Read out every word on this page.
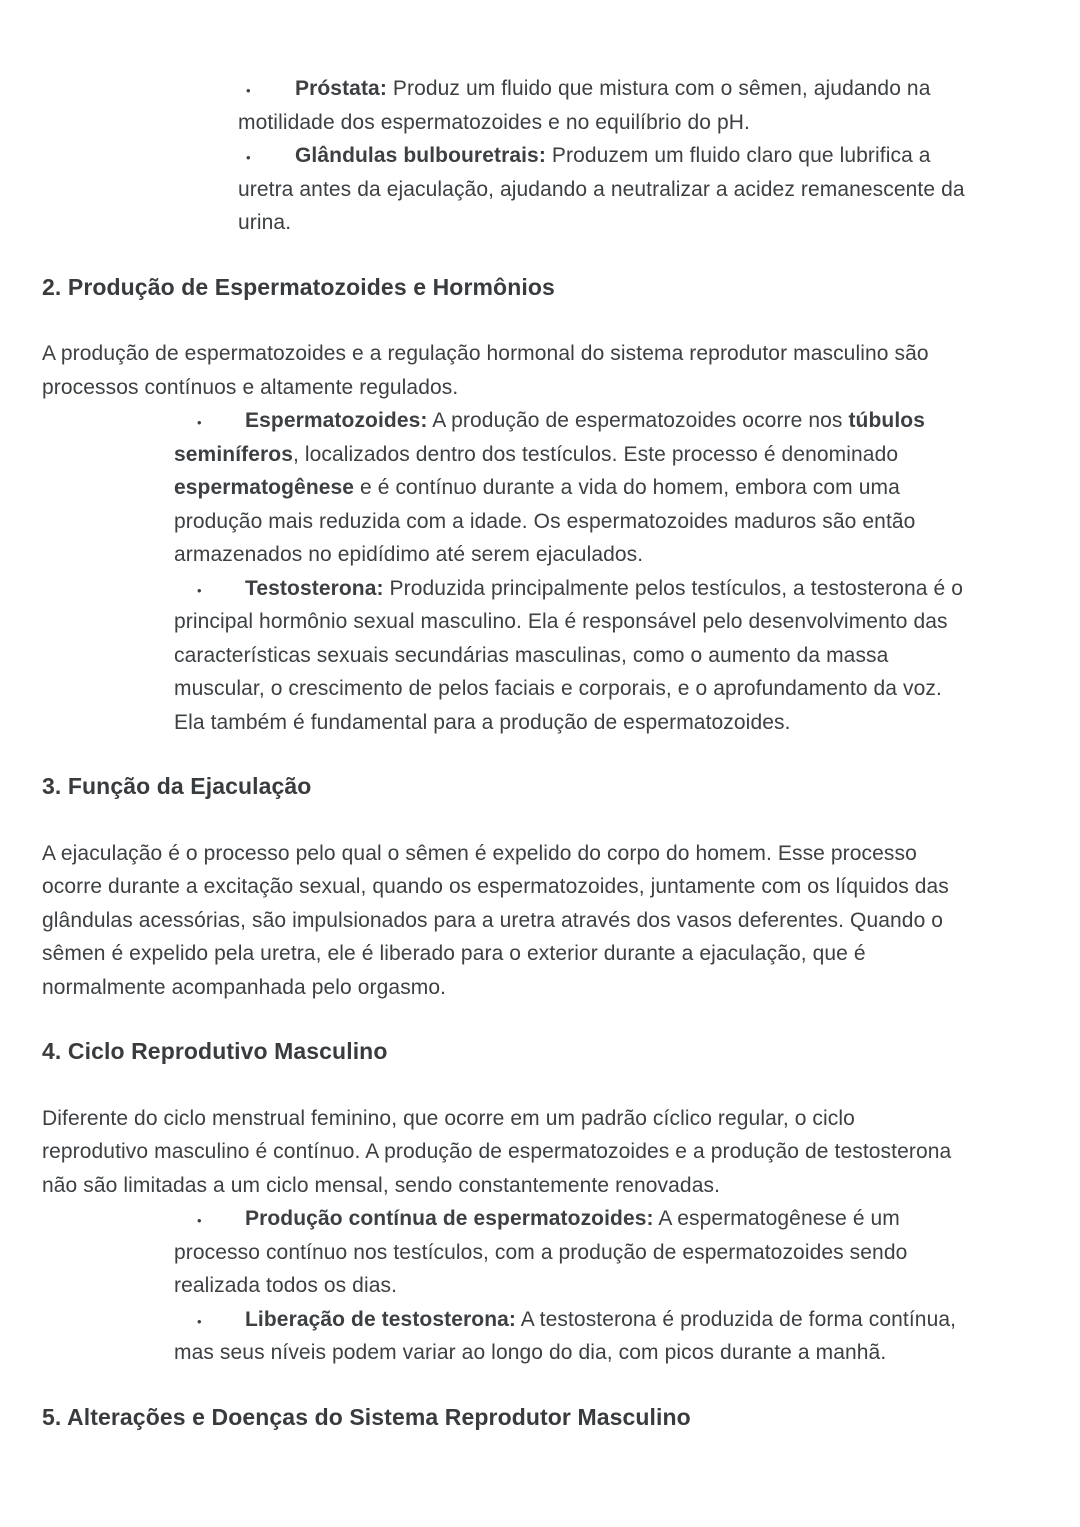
• Próstata: Produz um fluido que mistura com o sêmen, ajudando na
motilidade dos espermatozoides e no equilíbrio do pH.
• Glândulas bulbouretrais: Produzem um fluido claro que lubrifica a
uretra antes da ejaculação, ajudando a neutralizar a acidez remanescente da
urina.
2. Produção de Espermatozoides e Hormônios
A produção de espermatozoides e a regulação hormonal do sistema reprodutor masculino são
processos contínuos e altamente regulados.
• Espermatozoides: A produção de espermatozoides ocorre nos túbulos
seminíferos, localizados dentro dos testículos. Este processo é denominado
espermatogênese e é contínuo durante a vida do homem, embora com uma
produção mais reduzida com a idade. Os espermatozoides maduros são então
armazenados no epidídimo até serem ejaculados.
• Testosterona: Produzida principalmente pelos testículos, a testosterona é o
principal hormônio sexual masculino. Ela é responsável pelo desenvolvimento das
características sexuais secundárias masculinas, como o aumento da massa
muscular, o crescimento de pelos faciais e corporais, e o aprofundamento da voz.
Ela também é fundamental para a produção de espermatozoides.
3. Função da Ejaculação
A ejaculação é o processo pelo qual o sêmen é expelido do corpo do homem. Esse processo
ocorre durante a excitação sexual, quando os espermatozoides, juntamente com os líquidos das
glândulas acessórias, são impulsionados para a uretra através dos vasos deferentes. Quando o
sêmen é expelido pela uretra, ele é liberado para o exterior durante a ejaculação, que é
normalmente acompanhada pelo orgasmo.
4. Ciclo Reprodutivo Masculino
Diferente do ciclo menstrual feminino, que ocorre em um padrão cíclico regular, o ciclo
reprodutivo masculino é contínuo. A produção de espermatozoides e a produção de testosterona
não são limitadas a um ciclo mensal, sendo constantemente renovadas.
• Produção contínua de espermatozoides: A espermatogênese é um
processo contínuo nos testículos, com a produção de espermatozoides sendo
realizada todos os dias.
• Liberação de testosterona: A testosterona é produzida de forma contínua,
mas seus níveis podem variar ao longo do dia, com picos durante a manhã.
5. Alterações e Doenças do Sistema Reprodutor Masculino
